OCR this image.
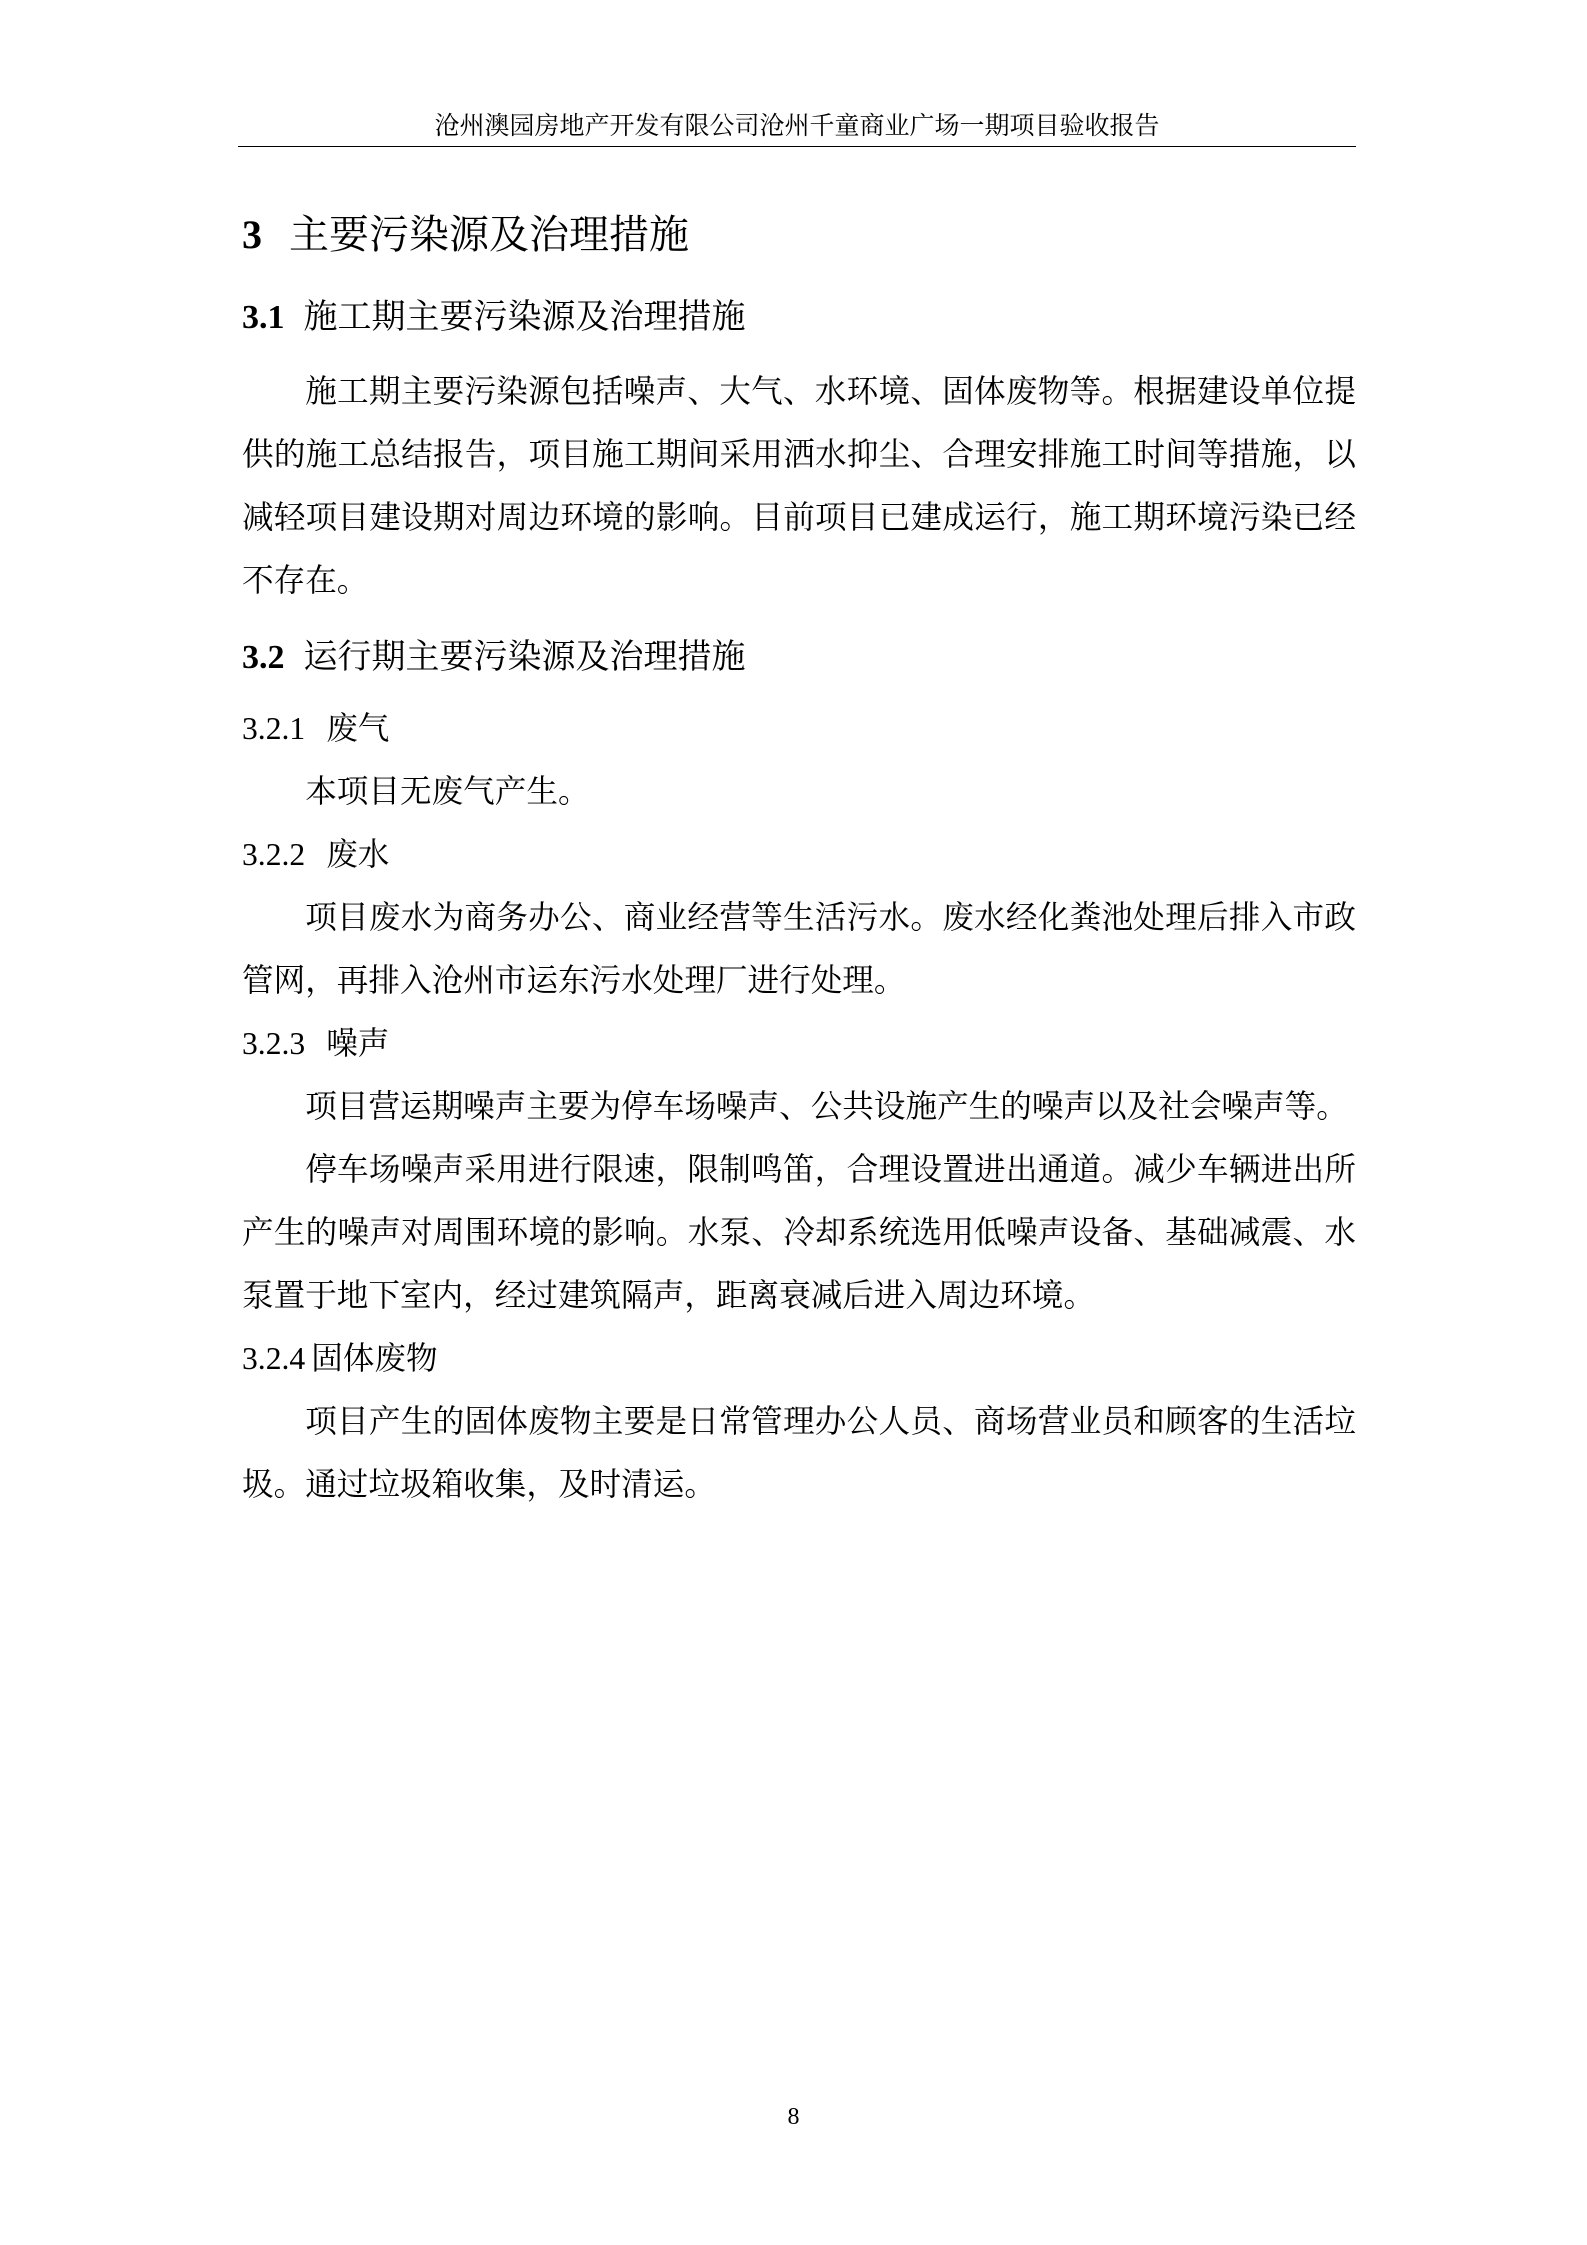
沧州澳园房地产开发有限公司沧州千童商业广场一期项目验收报告
3 主要污染源及治理措施
3.1 施工期主要污染源及治理措施

施工期主要污染源包括噪声、大气、水环境、固体废物等。根据建设单位提供的施工总结报告，项目施工期间采用洒水抑尘、合理安排施工时间等措施，以减轻项目建设期对周边环境的影响。目前项目已建成运行，施工期环境污染已经不存在。

3.2 运行期主要污染源及治理措施
3.2.1 废气

本项目无废气产生。

3.2.2 废水

项目废水为商务办公、商业经营等生活污水。废水经化粪池处理后排入市政管网，再排入沧州市运东污水处理厂进行处理。

3.2.3 噪声

项目营运期噪声主要为停车场噪声、公共设施产生的噪声以及社会噪声等。

停车场噪声采用进行限速，限制鸣笛，合理设置进出通道。减少车辆进出所产生的噪声对周围环境的影响。水泵、冷却系统选用低噪声设备、基础减震、水泵置于地下室内，经过建筑隔声，距离衰减后进入周边环境。

3.2.4 固体废物

项目产生的固体废物主要是日常管理办公人员、商场营业员和顾客的生活垃圾。通过垃圾箱收集，及时清运。

8
